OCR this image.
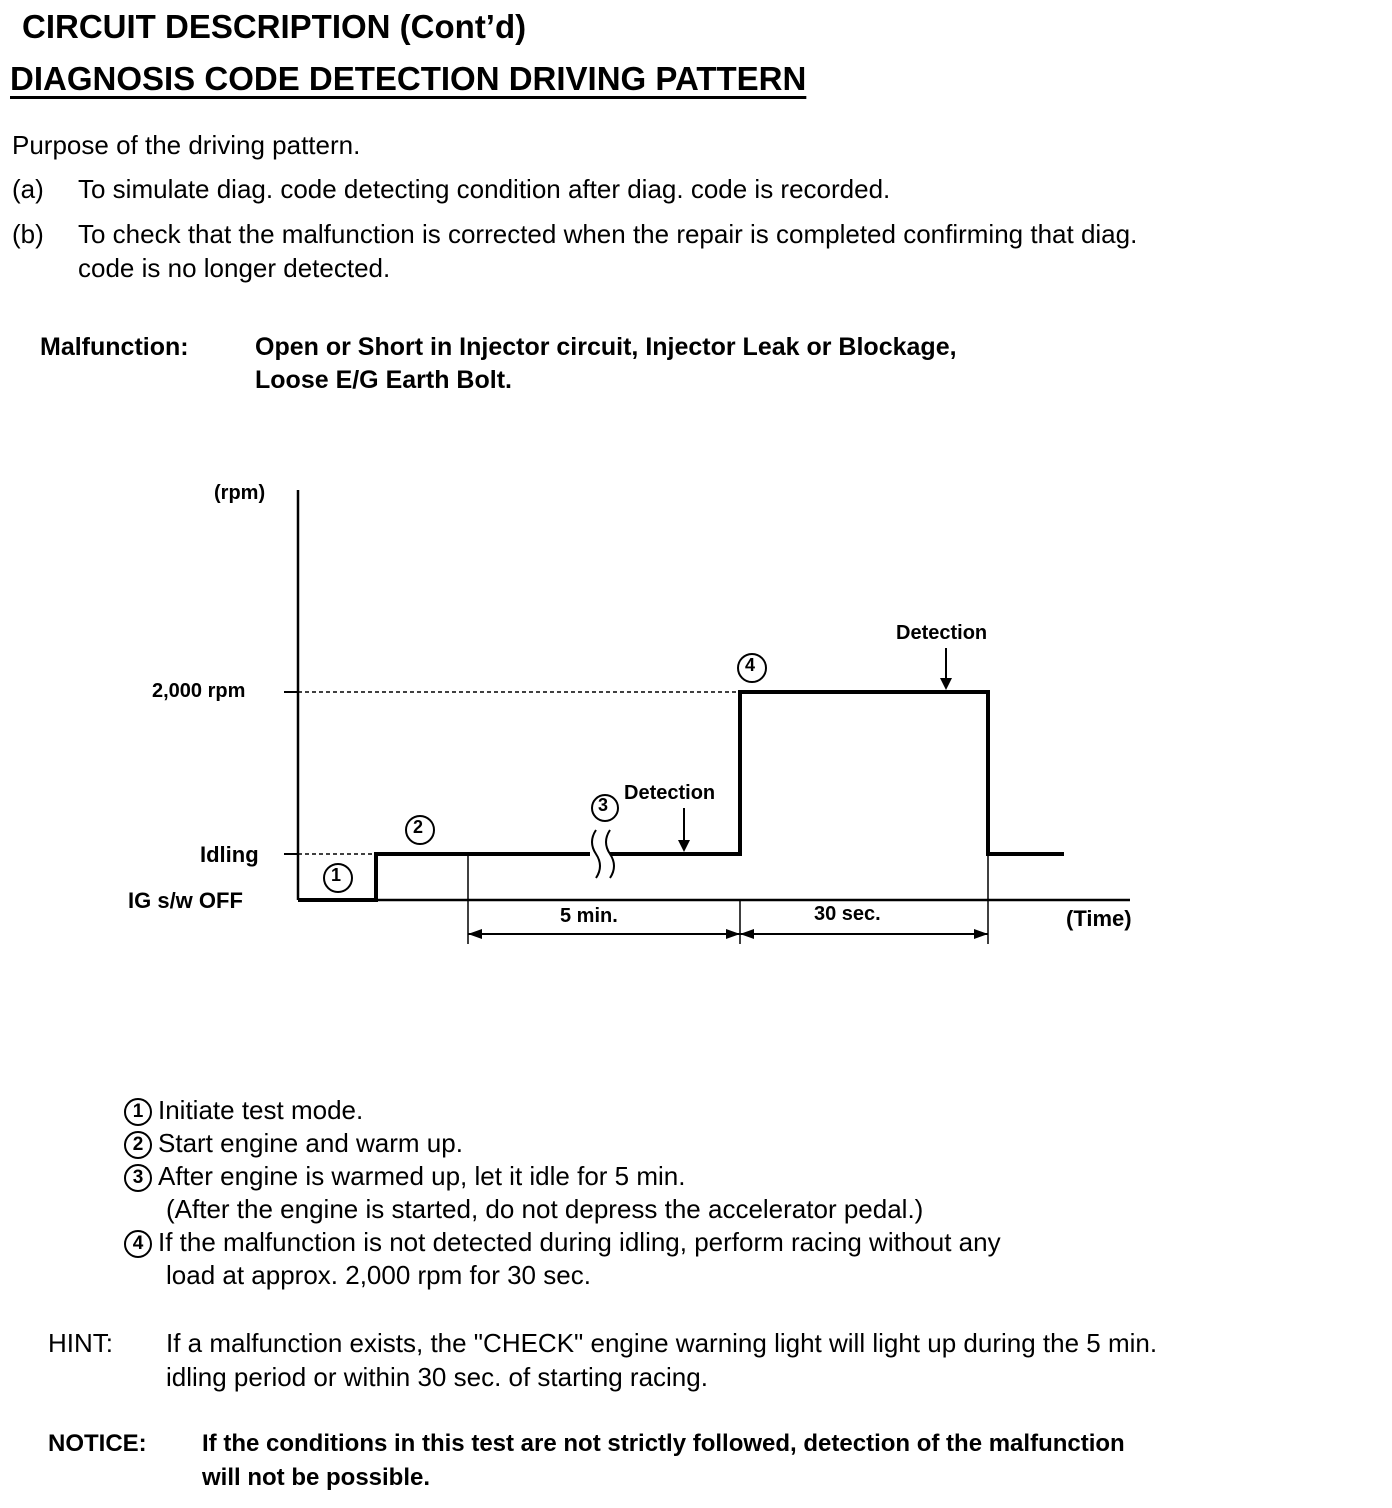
CIRCUIT DESCRIPTION (Cont’d)
DIAGNOSIS CODE DETECTION DRIVING PATTERN
Purpose of the driving pattern.
(a) To simulate diag. code detecting condition after diag. code is recorded.
(b) To check that the malfunction is corrected when the repair is completed confirming that diag.
code is no longer detected.
Malfunction:	Open or Short in Injector circuit, Injector Leak or Blockage,
Loose E/G Earth Bolt.
(rpm)
2,000 rpm
Idling
IG s/w OFF
(Time)
1
2
3
4
Detection
Detection
5 min.	30 sec.
1 Initiate test mode.
2 Start engine and warm up.
3 After engine is warmed up, let it idle for 5 min.
(After the engine is started, do not depress the accelerator pedal.)
4 If the malfunction is not detected during idling, perform racing without any
load at approx. 2,000 rpm for 30 sec.
HINT: If a malfunction exists, the "CHECK" engine warning light will light up during the 5 min.
idling period or within 30 sec. of starting racing.
NOTICE: If the conditions in this test are not strictly followed, detection of the malfunction
will not be possible.
